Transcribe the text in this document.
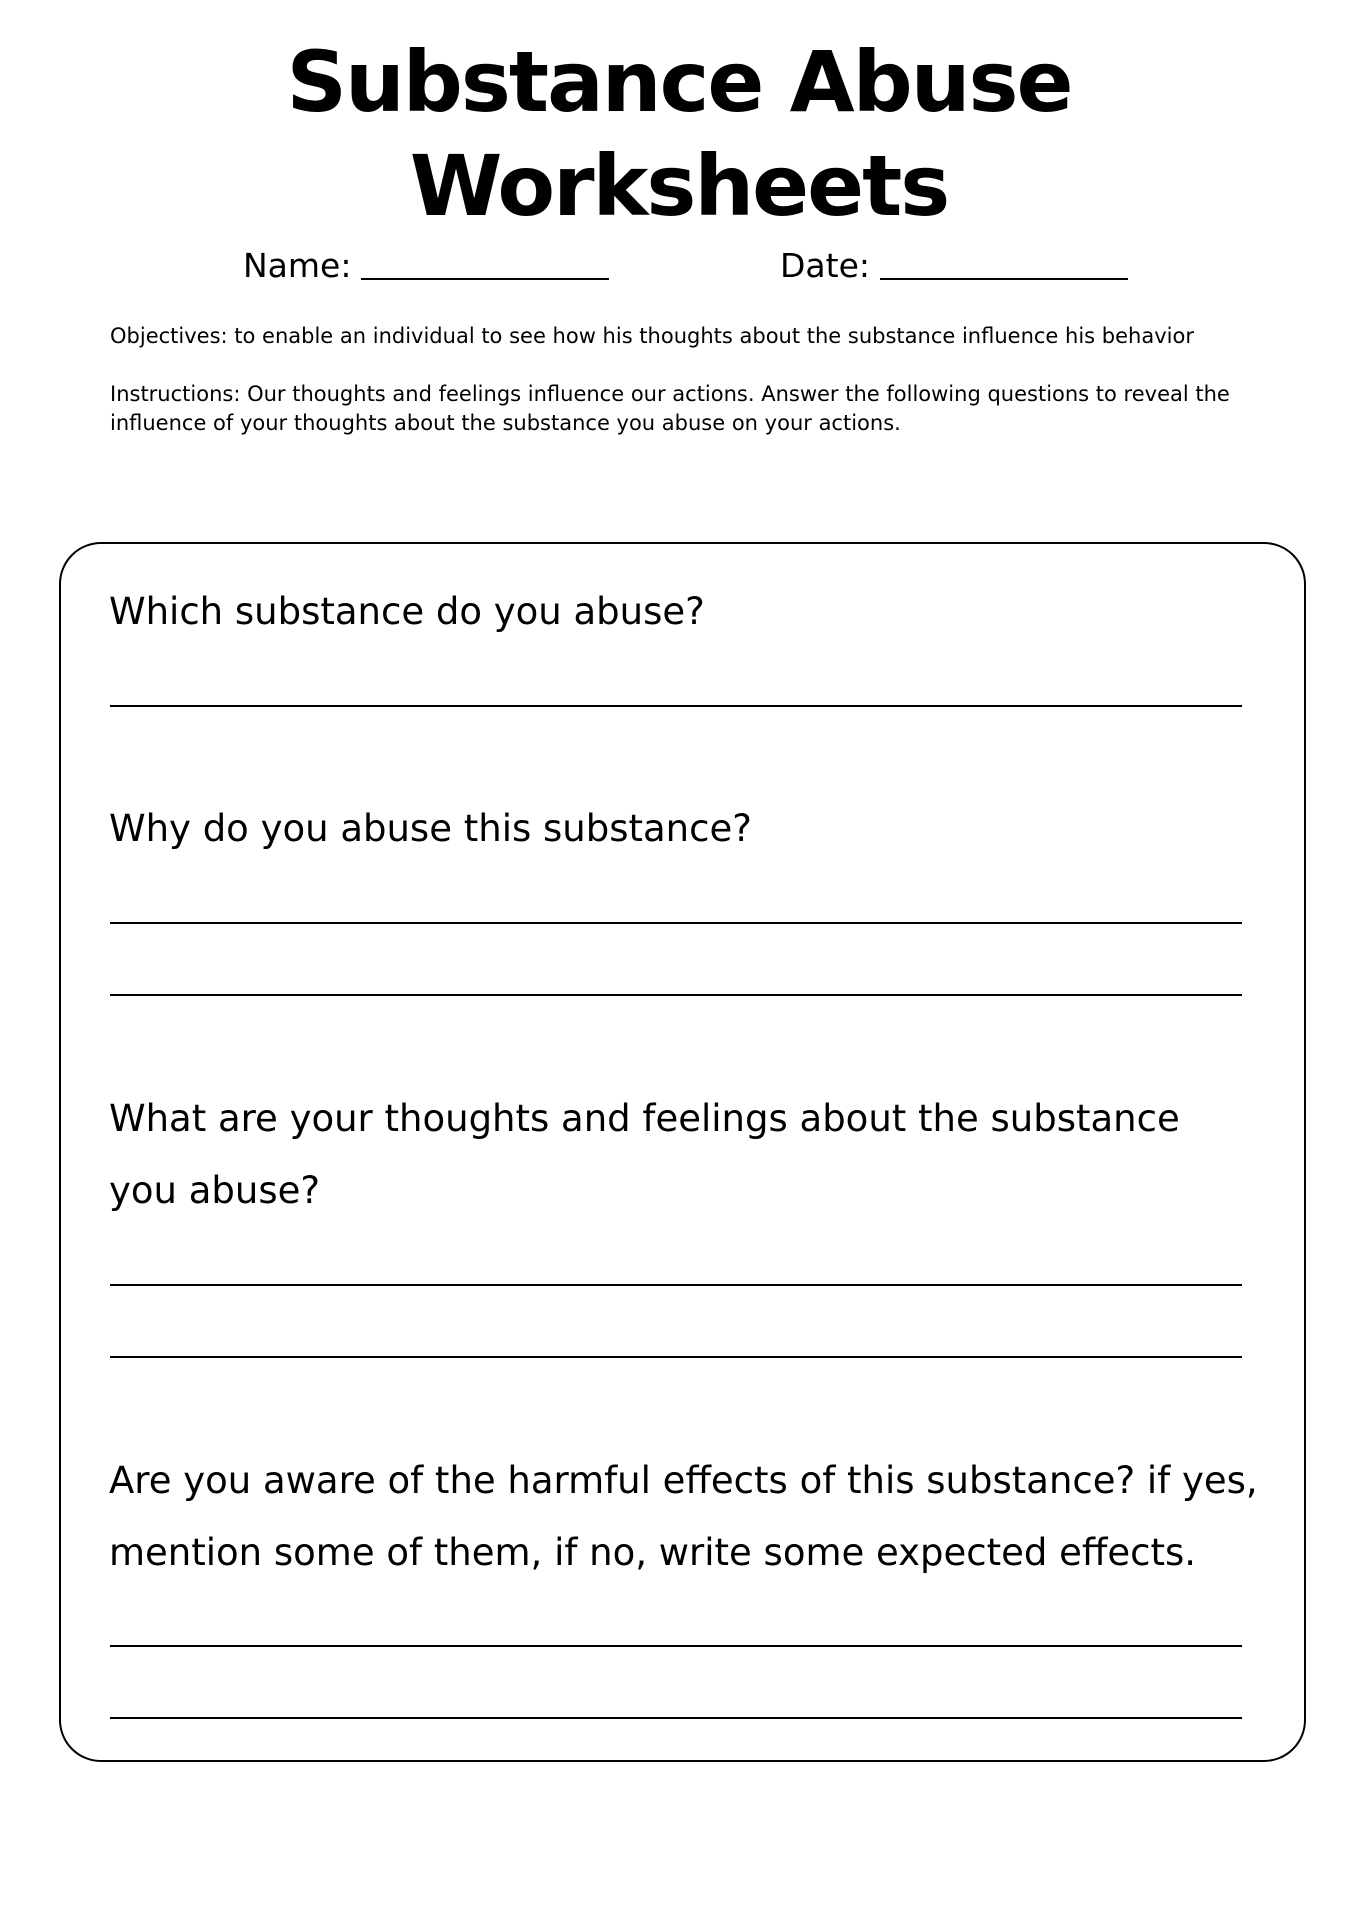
Substance Abuse
Worksheets
Name:	Date:

Objectives: to enable an individual to see how his thoughts about the substance influence his behavior

Instructions: Our thoughts and feelings influence our actions. Answer the following questions to reveal the influence of your thoughts about the substance you abuse on your actions.

Which substance do you abuse?

Why do you abuse this substance?

What are your thoughts and feelings about the substance you abuse?

Are you aware of the harmful effects of this substance? if yes, mention some of them, if no, write some expected effects.
